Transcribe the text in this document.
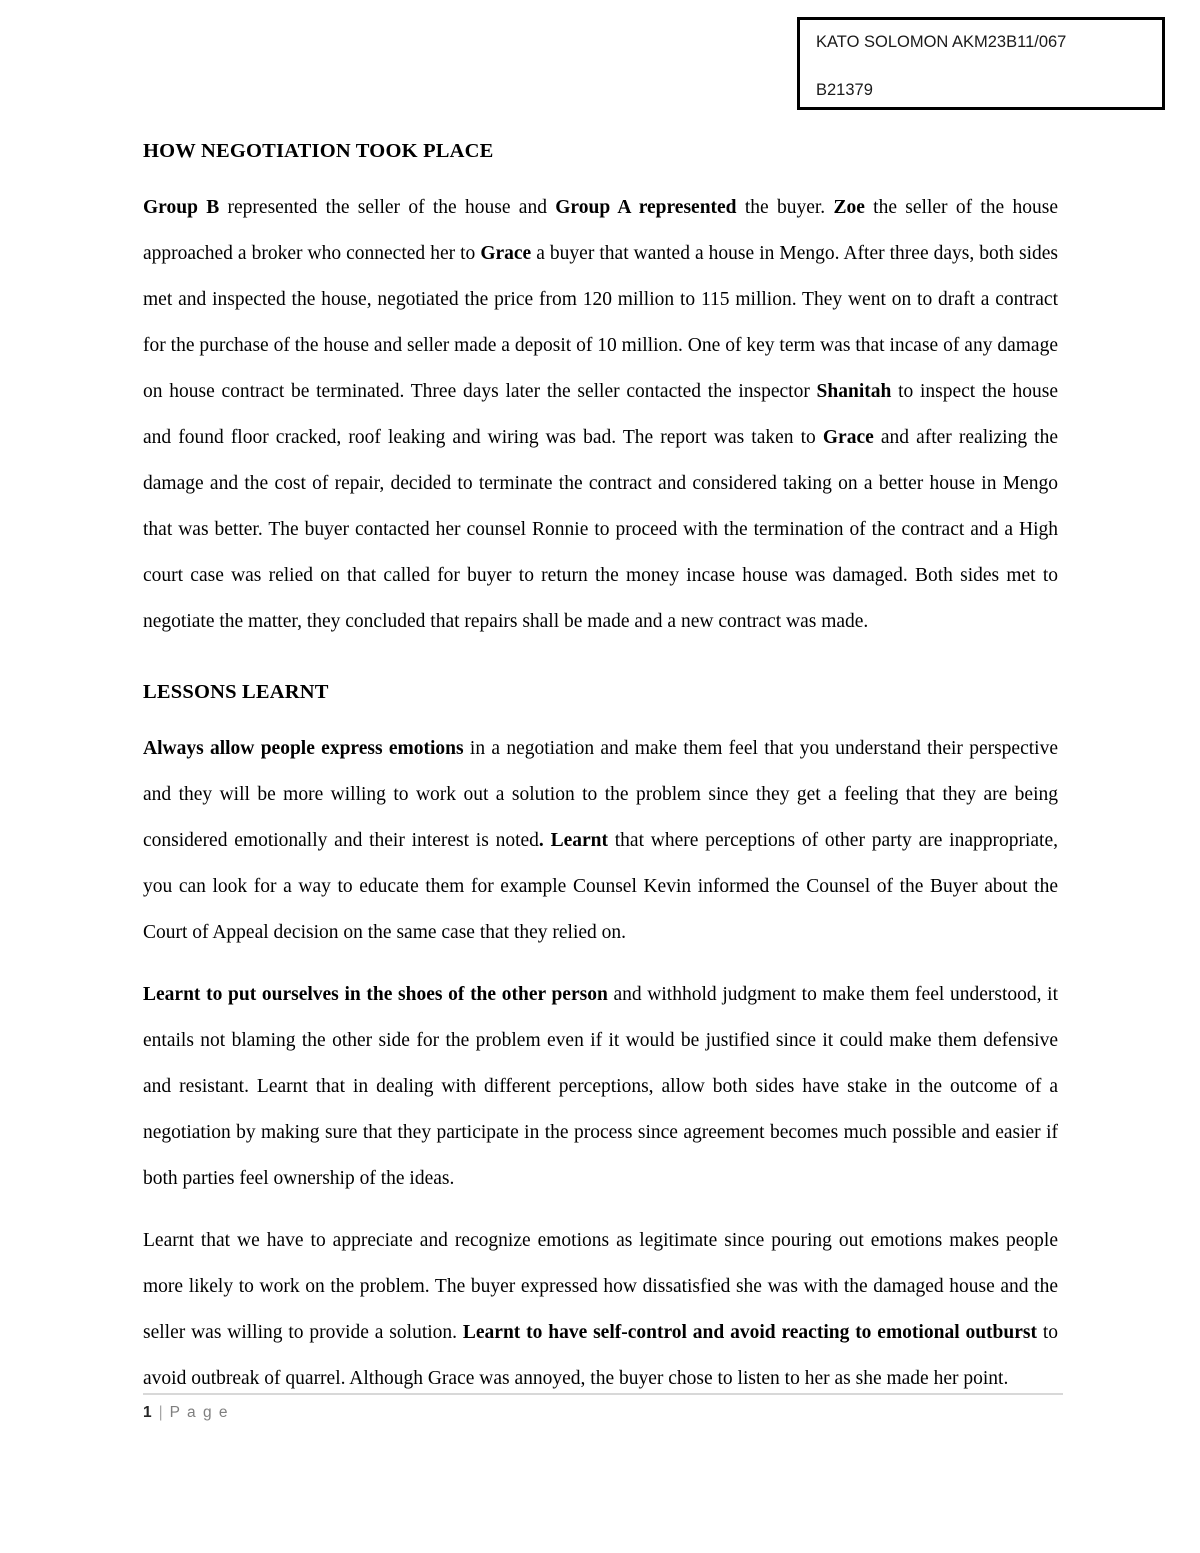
KATO SOLOMON AKM23B11/067
B21379
HOW NEGOTIATION TOOK PLACE

Group B represented the seller of the house and Group A represented the buyer. Zoe the seller of the house approached a broker who connected her to Grace a buyer that wanted a house in Mengo. After three days, both sides met and inspected the house, negotiated the price from 120 million to 115 million. They went on to draft a contract for the purchase of the house and seller made a deposit of 10 million. One of key term was that incase of any damage on house contract be terminated. Three days later the seller contacted the inspector Shanitah to inspect the house and found floor cracked, roof leaking and wiring was bad. The report was taken to Grace and after realizing the damage and the cost of repair, decided to terminate the contract and considered taking on a better house in Mengo that was better. The buyer contacted her counsel Ronnie to proceed with the termination of the contract and a High court case was relied on that called for buyer to return the money incase house was damaged. Both sides met to negotiate the matter, they concluded that repairs shall be made and a new contract was made.

LESSONS LEARNT

Always allow people express emotions in a negotiation and make them feel that you understand their perspective and they will be more willing to work out a solution to the problem since they get a feeling that they are being considered emotionally and their interest is noted. Learnt that where perceptions of other party are inappropriate, you can look for a way to educate them for example Counsel Kevin informed the Counsel of the Buyer about the Court of Appeal decision on the same case that they relied on.

Learnt to put ourselves in the shoes of the other person and withhold judgment to make them feel understood, it entails not blaming the other side for the problem even if it would be justified since it could make them defensive and resistant. Learnt that in dealing with different perceptions, allow both sides have stake in the outcome of a negotiation by making sure that they participate in the process since agreement becomes much possible and easier if both parties feel ownership of the ideas.

Learnt that we have to appreciate and recognize emotions as legitimate since pouring out emotions makes people more likely to work on the problem. The buyer expressed how dissatisfied she was with the damaged house and the seller was willing to provide a solution. Learnt to have self-control and avoid reacting to emotional outburst to avoid outbreak of quarrel. Although Grace was annoyed, the buyer chose to listen to her as she made her point.

1 | P a g e
